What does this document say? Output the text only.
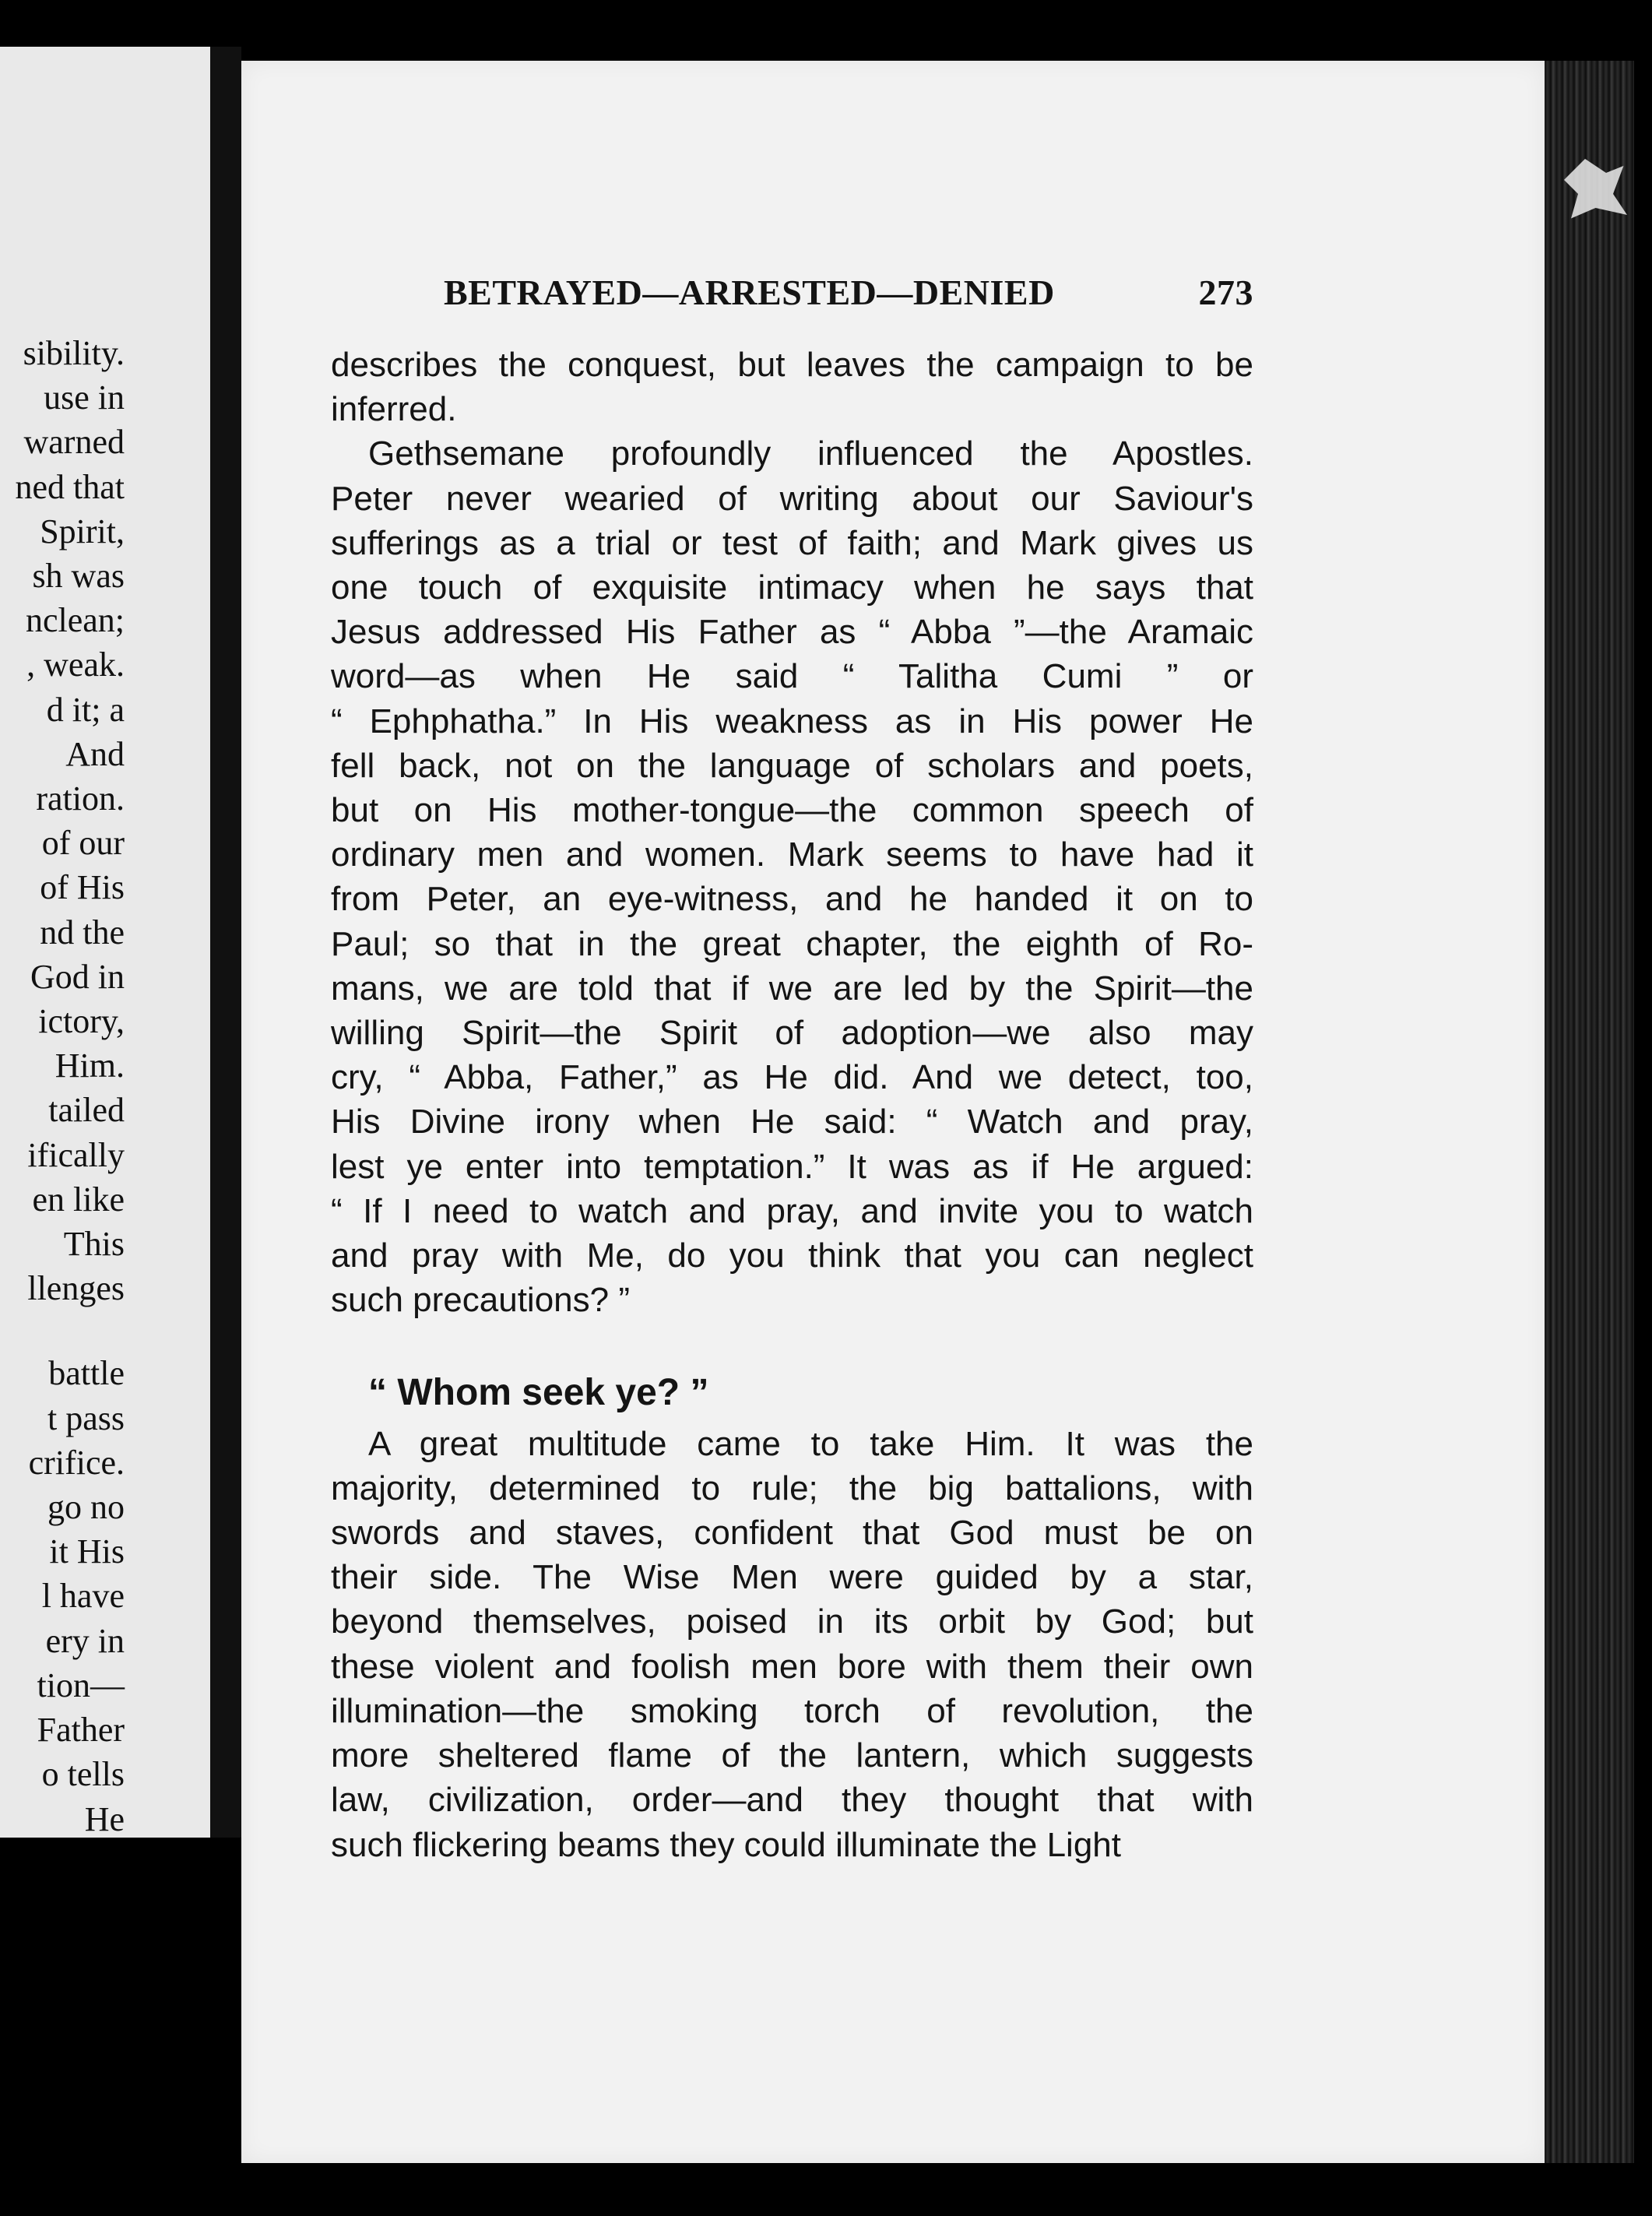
sibility.
use in
warned
ned that
Spirit,
sh was
nclean;
, weak.
d it; a
And
ration.
of our
of His
nd the
God in
ictory,
Him.
tailed
ifically
en like
This
llenges
battle
t pass
crifice.
go no
it His
l have
ery in
tion—
Father
o tells
He
BETRAYED—ARRESTED—DENIED	273
describes the conquest, but leaves the campaign to be
inferred.
Gethsemane profoundly influenced the Apostles.
Peter never wearied of writing about our Saviour's
sufferings as a trial or test of faith; and Mark gives us
one touch of exquisite intimacy when he says that
Jesus addressed His Father as “ Abba ”—the Aramaic
word—as when He said “ Talitha Cumi ” or
“ Ephphatha.” In His weakness as in His power He
fell back, not on the language of scholars and poets,
but on His mother-tongue—the common speech of
ordinary men and women. Mark seems to have had it
from Peter, an eye-witness, and he handed it on to
Paul; so that in the great chapter, the eighth of Ro-
mans, we are told that if we are led by the Spirit—the
willing Spirit—the Spirit of adoption—we also may
cry, “ Abba, Father,” as He did. And we detect, too,
His Divine irony when He said: “ Watch and pray,
lest ye enter into temptation.” It was as if He argued:
“ If I need to watch and pray, and invite you to watch
and pray with Me, do you think that you can neglect
such precautions? ”
“ Whom seek ye? ”
A great multitude came to take Him. It was the
majority, determined to rule; the big battalions, with
swords and staves, confident that God must be on
their side. The Wise Men were guided by a star,
beyond themselves, poised in its orbit by God; but
these violent and foolish men bore with them their own
illumination—the smoking torch of revolution, the
more sheltered flame of the lantern, which suggests
law, civilization, order—and they thought that with
such flickering beams they could illuminate the Light
